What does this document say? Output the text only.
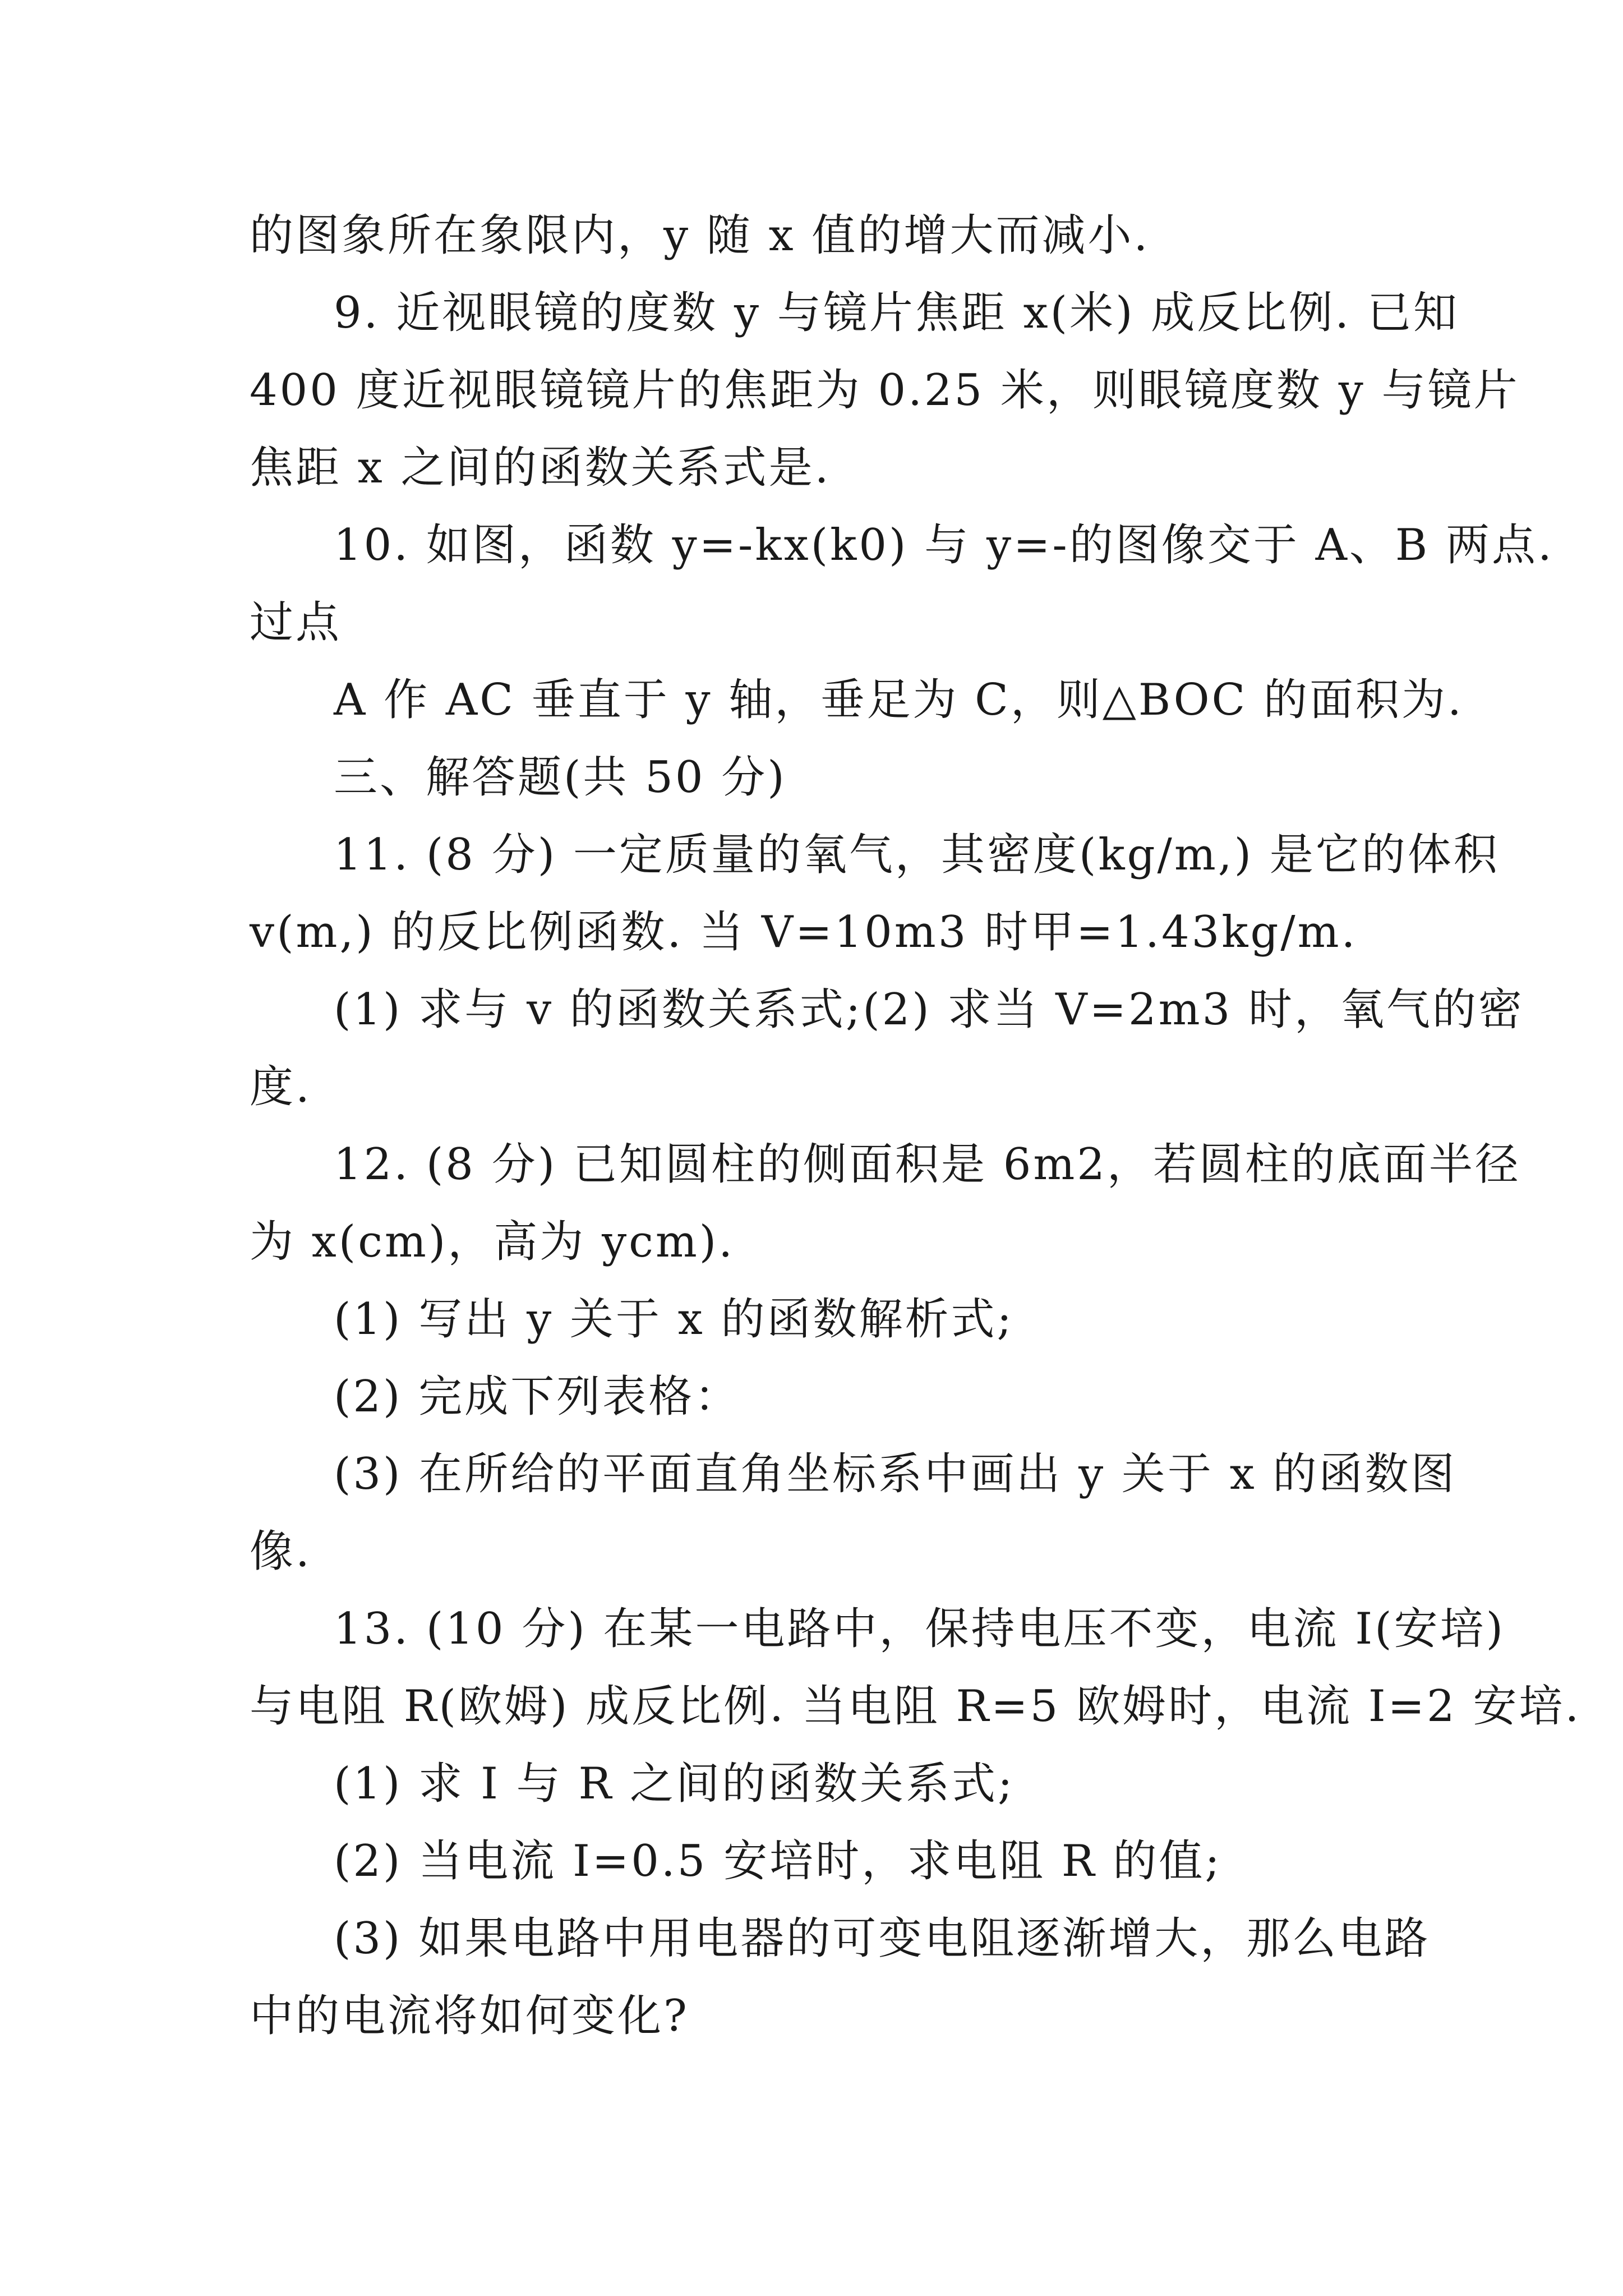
的图象所在象限内，y 随 x 值的增大而减小.
9. 近视眼镜的度数 y 与镜片焦距 x(米) 成反比例. 已知
400 度近视眼镜镜片的焦距为 0.25 米，则眼镜度数 y 与镜片
焦距 x 之间的函数关系式是.
10. 如图，函数 y=-kx(k0) 与 y=-的图像交于 A、B 两点.
过点
A 作 AC 垂直于 y 轴，垂足为 C，则△BOC 的面积为.
三、解答题(共 50 分)
11. (8 分) 一定质量的氧气，其密度(kg/m,) 是它的体积
v(m,) 的反比例函数. 当 V=10m3 时甲=1.43kg/m.
(1) 求与 v 的函数关系式;(2) 求当 V=2m3 时，氧气的密
度.
12. (8 分) 已知圆柱的侧面积是 6m2，若圆柱的底面半径
为 x(cm)，高为 ycm).
(1) 写出 y 关于 x 的函数解析式;
(2) 完成下列表格：
(3) 在所给的平面直角坐标系中画出 y 关于 x 的函数图
像.
13. (10 分) 在某一电路中，保持电压不变，电流 I(安培)
与电阻 R(欧姆) 成反比例. 当电阻 R=5 欧姆时，电流 I=2 安培.
(1) 求 I 与 R 之间的函数关系式;
(2) 当电流 I=0.5 安培时，求电阻 R 的值;
(3) 如果电路中用电器的可变电阻逐渐增大，那么电路
中的电流将如何变化?
